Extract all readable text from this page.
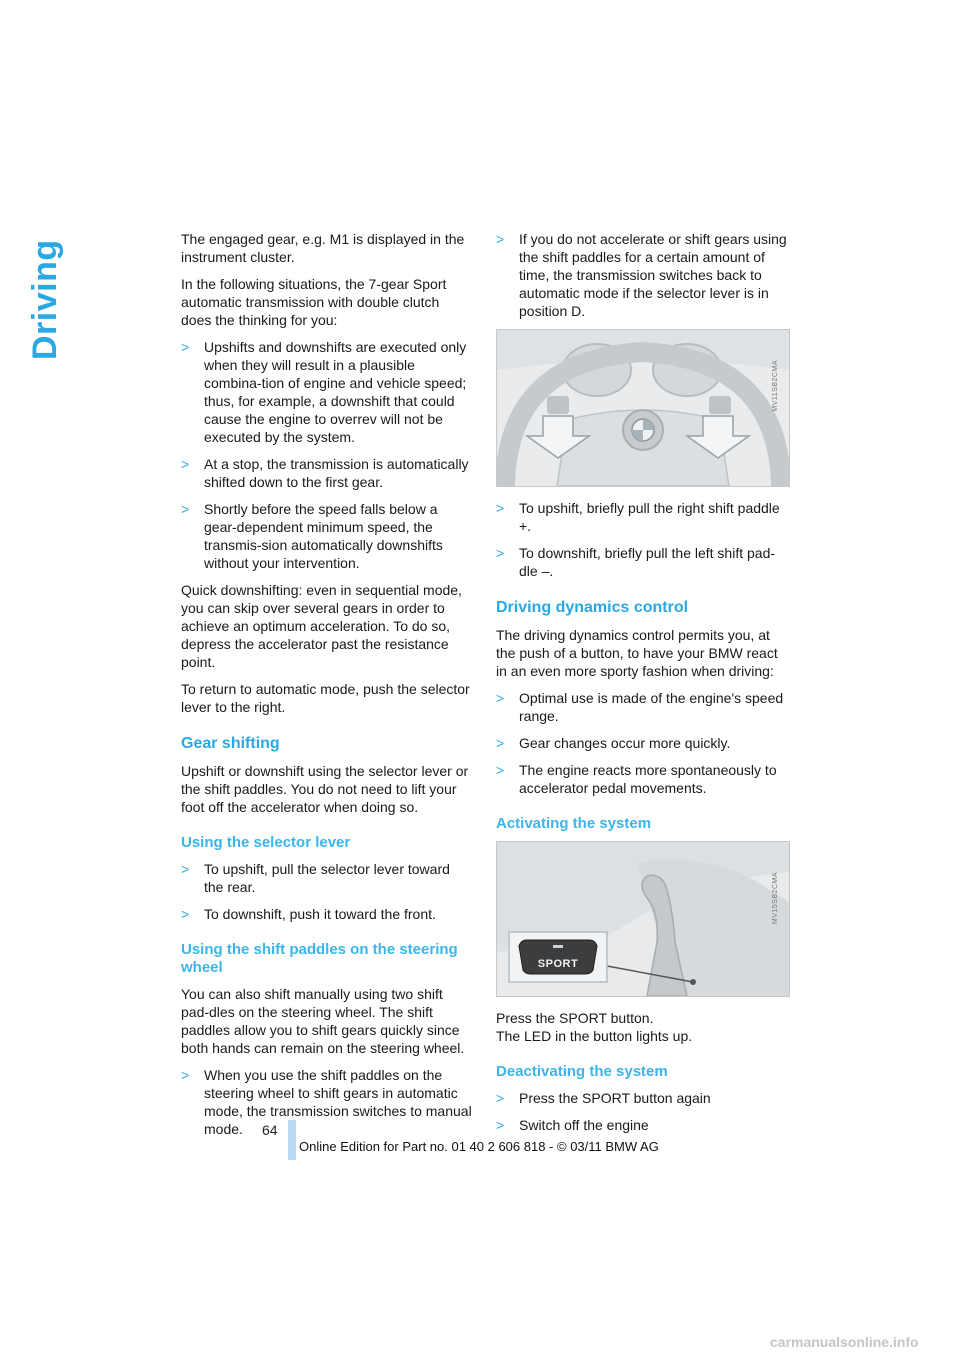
Driving

The engaged gear, e.g. M1 is displayed in the instrument cluster.

In the following situations, the 7-gear Sport automatic transmission with double clutch does the thinking for you:

> Upshifts and downshifts are executed only when they will result in a plausible combina-tion of engine and vehicle speed; thus, for example, a downshift that could cause the engine to overrev will not be executed by the system.
> At a stop, the transmission is automatically shifted down to the first gear.
> Shortly before the speed falls below a gear-dependent minimum speed, the transmis-sion automatically downshifts without your intervention.

Quick downshifting: even in sequential mode, you can skip over several gears in order to achieve an optimum acceleration. To do so, depress the accelerator past the resistance point.

To return to automatic mode, push the selector lever to the right.

Gear shifting

Upshift or downshift using the selector lever or the shift paddles. You do not need to lift your foot off the accelerator when doing so.

Using the selector lever
> To upshift, pull the selector lever toward the rear.
> To downshift, push it toward the front.
Using the shift paddles on the steering wheel

You can also shift manually using two shift pad-dles on the steering wheel. The shift paddles allow you to shift gears quickly since both hands can remain on the steering wheel.

> When you use the shift paddles on the steering wheel to shift gears in automatic mode, the transmission switches to manual mode.
> If you do not accelerate or shift gears using the shift paddles for a certain amount of time, the transmission switches back to automatic mode if the selector lever is in position D.
MV11SB2CMA
> To upshift, briefly pull the right shift paddle +.
> To downshift, briefly pull the left shift pad-dle –.
Driving dynamics control

The driving dynamics control permits you, at the push of a button, to have your BMW react in an even more sporty fashion when driving:

> Optimal use is made of the engine's speed range.
> Gear changes occur more quickly.
> The engine reacts more spontaneously to accelerator pedal movements.
Activating the system
SPORT
MV15SB2CMA
Press the SPORT button.

The LED in the button lights up.

Deactivating the system
> Press the SPORT button again
> Switch off the engine
64
Online Edition for Part no. 01 40 2 606 818 - © 03/11 BMW AG
carmanualsonline.info
